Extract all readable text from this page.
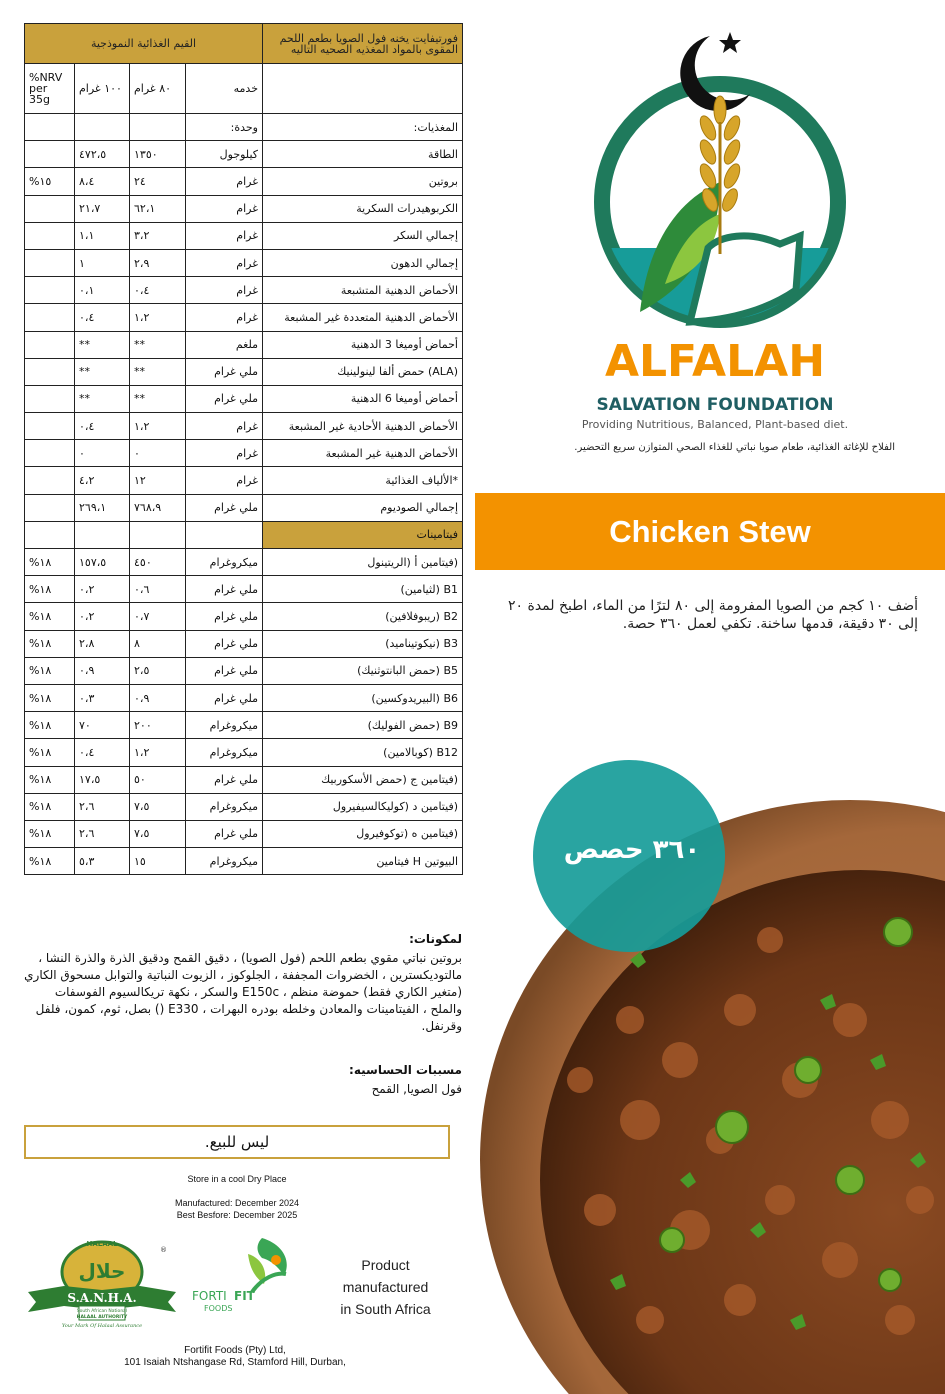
القيم الغذائية النموذجية				فورتيفايت يخنه فول الصويا بطعم اللحم المقوى بالمواد المغذيه الصحيه التاليه

%NRV per 35g	١٠٠ غرام	٨٠ غرام	خدمه	
			وحدة:	المغذيات:
	٤٧٢،٥	١٣٥٠	كيلوجول	الطاقة
%١٥	٨،٤	٢٤	غرام	بروتين
	٢١،٧	٦٢،١	غرام	الكربوهيدرات السكرية
	١،١	٣،٢	غرام	إجمالي السكر
	١	٢،٩	غرام	إجمالي الدهون
	٠،١	٠،٤	غرام	الأحماض الدهنية المتشبعة
	٠،٤	١،٢	غرام	الأحماض الدهنية المتعددة غير المشبعة
	**	**	ملغم	أحماض أوميغا 3 الدهنية
	**	**	ملي غرام	(ALA) حمض ألفا لينولينيك
	**	**	ملي غرام	أحماض أوميغا 6 الدهنية
	٠،٤	١،٢	غرام	الأحماض الدهنية الأحادية غير المشبعة
	٠	٠	غرام	الأحماض الدهنية غير المشبعة
	٤،٢	١٢	غرام	*الألياف الغذائية
	٢٦٩،١	٧٦٨،٩	ملي غرام	إجمالي الصوديوم
				فيتامينات
%١٨	١٥٧،٥	٤٥٠	ميكروغرام	(فيتامين أ (الريتينول
%١٨	٠،٢	٠،٦	ملي غرام	B1 (لثيامين)
%١٨	٠،٢	٠،٧	ملي غرام	B2 (ريبوفلافين)
%١٨	٢،٨	٨	ملي غرام	B3 (نيكوتيناميد)
%١٨	٠،٩	٢،٥	ملي غرام	B5 (حمض البانتوثنيك)
%١٨	٠،٣	٠،٩	ملي غرام	B6 (البيريدوكسين)
%١٨	٧٠	٢٠٠	ميكروغرام	B9 (حمض الفوليك)
%١٨	٠،٤	١،٢	ميكروغرام	B12 (كوبالامين)
%١٨	١٧،٥	٥٠	ملي غرام	(فيتامين ج (حمض الأسكوربيك
%١٨	٢،٦	٧،٥	ميكروغرام	(فيتامين د (كوليكالسيفيرول
%١٨	٢،٦	٧،٥	ملي غرام	(فيتامين ه (توكوفيرول
%١٨	٥،٣	١٥	ميكروغرام	البيوتين H فيتامين
لمكونات:
بروتين نباتي مقوي بطعم اللحم (فول الصويا) ، دقيق القمح ودقيق الذرة والذرة النشا ، مالتوديكسترين ، الخضروات المجففة ، الجلوكوز ، الزيوت النباتية والتوابل مسحوق الكاري (متغير الكاري فقط) حموضة منظم ، E150c والسكر ، نكهة تريكالسيوم الفوسفات والملح ، الفيتامينات والمعادن وخلطه بودره البهرات ، E330 () بصل، ثوم، كمون، فلفل وقرنفل.
مسببات الحساسيه:
فول الصويا, القمح
ليس للبيع.
Store in a cool Dry Place
Manufactured: December 2024
Best Besfore: December 2025
HALAAL
حلال
S.A.N.H.A.
South African National
HALAAL AUTHORITY
Your Mark Of Halaal Assurance
®
FORTI FIT
FOODS
Product
manufactured
in South Africa
Fortifit Foods (Pty) Ltd,
101 Isaiah Ntshangase Rd, Stamford Hill, Durban,
ALFALAH
SALVATION FOUNDATION
Providing Nutritious, Balanced, Plant-based diet.
الفلاح للإغاثة الغذائية، طعام صويا نباتي للغذاء الصحي المتوازن سريع التحضير.
Chicken Stew
أضف ١٠ كجم من الصويا المفرومة إلى ٨٠ لترًا من الماء، اطبخ لمدة ٢٠ إلى ٣٠ دقيقة، قدمها ساخنة. تكفي لعمل ٣٦٠ حصة.
٣٦٠ حصص
